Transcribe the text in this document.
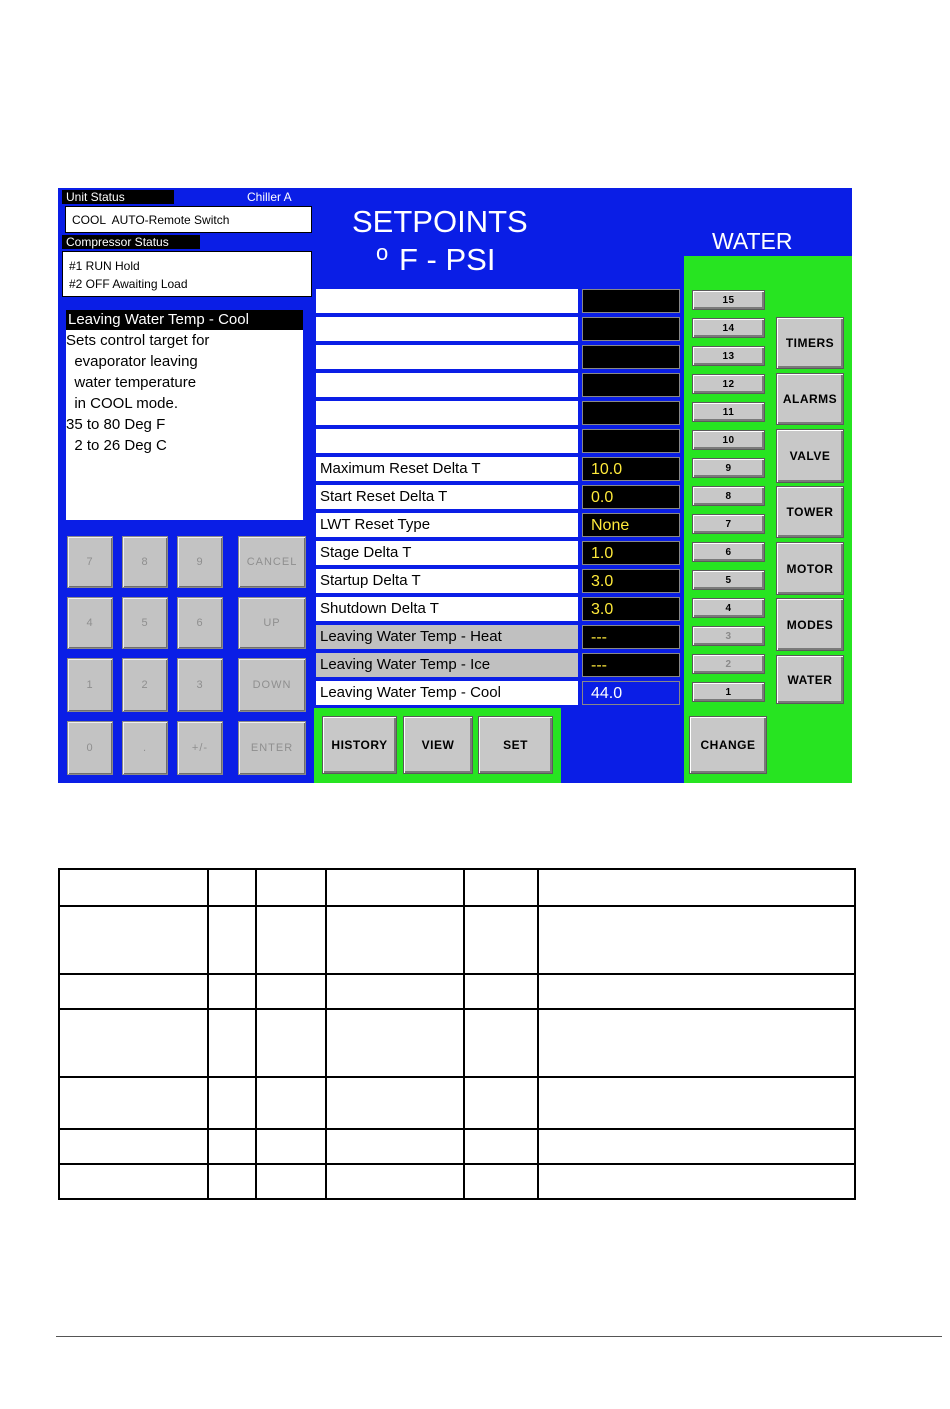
Unit Status	Chiller A
COOL  AUTO-Remote Switch
Compressor Status
#1 RUN Hold
#2 OFF Awaiting Load
SETPOINTS
o F - PSI
WATER
Leaving Water Temp - Cool
Sets control target for
evaporator leaving
water temperature
in COOL mode.
35 to 80 Deg F
2 to 26 Deg C
7	8	9	CANCEL
4	5	6	UP
1	2	3	DOWN
0	.	+/-	ENTER
Maximum Reset Delta T	10.0
Start Reset Delta T	0.0
LWT Reset Type	None
Stage Delta T	1.0
Startup Delta T	3.0
Shutdown Delta T	3.0
Leaving Water Temp - Heat	---
Leaving Water Temp - Ice	---
Leaving Water Temp - Cool	44.0
15
14
13
12
11
10
9
8
7
6
5
4
3
2
1
TIMERS
ALARMS
VALVE
TOWER
MOTOR
MODES
WATER
HISTORY	VIEW	SET	CHANGE
